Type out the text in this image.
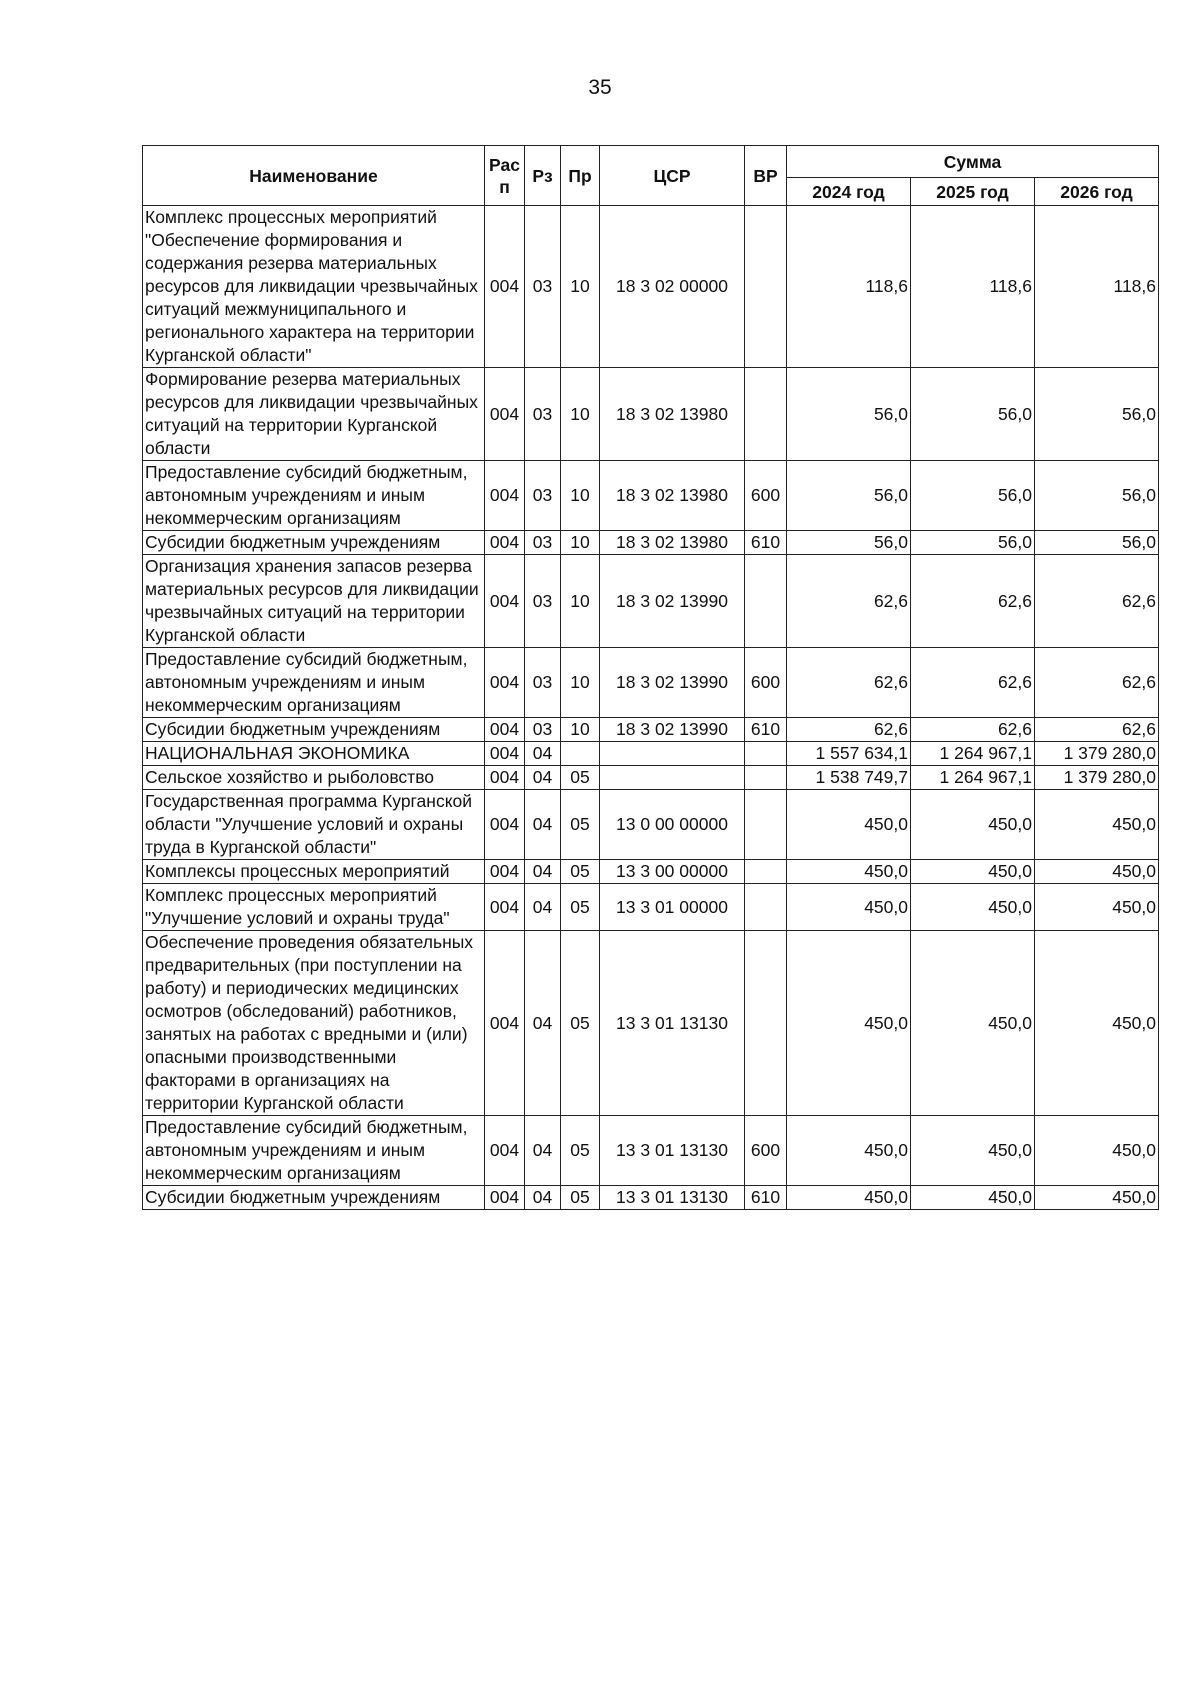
35
Наименование	Рас п	Рз	Пр	ЦСР	ВР	Сумма		
						2024 год	2025 год	2026 год
Комплекс процессных мероприятий "Обеспечение формирования и содержания резерва материальных ресурсов для ликвидации чрезвычайных ситуаций межмуниципального и регионального характера на территории Курганской области"	004	03	10	18 3 02 00000		118,6	118,6	118,6
Формирование резерва материальных ресурсов для ликвидации чрезвычайных ситуаций на территории Курганской области	004	03	10	18 3 02 13980		56,0	56,0	56,0
Предоставление субсидий бюджетным, автономным учреждениям и иным некоммерческим организациям	004	03	10	18 3 02 13980	600	56,0	56,0	56,0
Субсидии бюджетным учреждениям	004	03	10	18 3 02 13980	610	56,0	56,0	56,0
Организация хранения запасов резерва материальных ресурсов для ликвидации чрезвычайных ситуаций на территории Курганской области	004	03	10	18 3 02 13990		62,6	62,6	62,6
Предоставление субсидий бюджетным, автономным учреждениям и иным некоммерческим организациям	004	03	10	18 3 02 13990	600	62,6	62,6	62,6
Субсидии бюджетным учреждениям	004	03	10	18 3 02 13990	610	62,6	62,6	62,6
НАЦИОНАЛЬНАЯ ЭКОНОМИКА	004	04				1 557 634,1	1 264 967,1	1 379 280,0
Сельское хозяйство и рыболовство	004	04	05			1 538 749,7	1 264 967,1	1 379 280,0
Государственная программа Курганской области "Улучшение условий и охраны труда в Курганской области"	004	04	05	13 0 00 00000		450,0	450,0	450,0
Комплексы процессных мероприятий	004	04	05	13 3 00 00000		450,0	450,0	450,0
Комплекс процессных мероприятий "Улучшение условий и охраны труда"	004	04	05	13 3 01 00000		450,0	450,0	450,0
Обеспечение проведения обязательных предварительных (при поступлении на работу) и периодических медицинских осмотров (обследований) работников, занятых на работах с вредными и (или) опасными производственными факторами в организациях на территории Курганской области	004	04	05	13 3 01 13130		450,0	450,0	450,0
Предоставление субсидий бюджетным, автономным учреждениям и иным некоммерческим организациям	004	04	05	13 3 01 13130	600	450,0	450,0	450,0
Субсидии бюджетным учреждениям	004	04	05	13 3 01 13130	610	450,0	450,0	450,0
